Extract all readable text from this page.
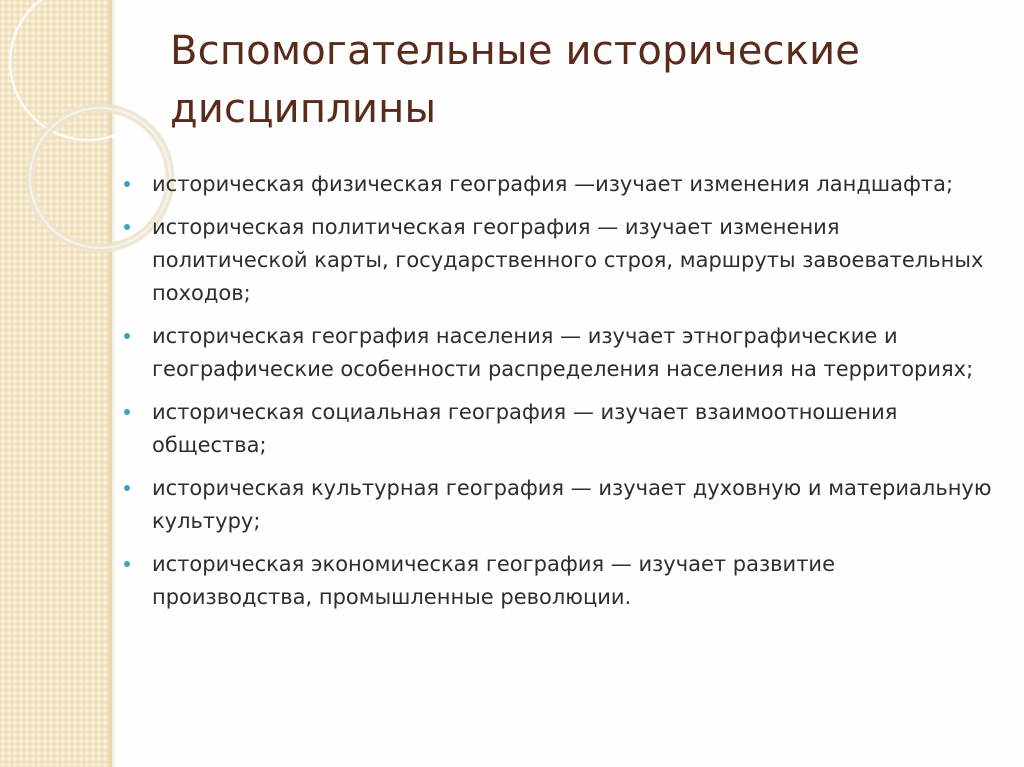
Вспомогательные исторические дисциплины
историческая физическая география —изучает изменения ландшафта;
историческая политическая география — изучает изменения политической карты, государственного строя, маршруты завоевательных походов;
историческая география населения — изучает этнографические и географические особенности распределения населения на территориях;
историческая социальная география — изучает взаимоотношения общества;
историческая культурная география — изучает духовную и материальную культуру;
историческая экономическая география — изучает развитие производства, промышленные революции.
